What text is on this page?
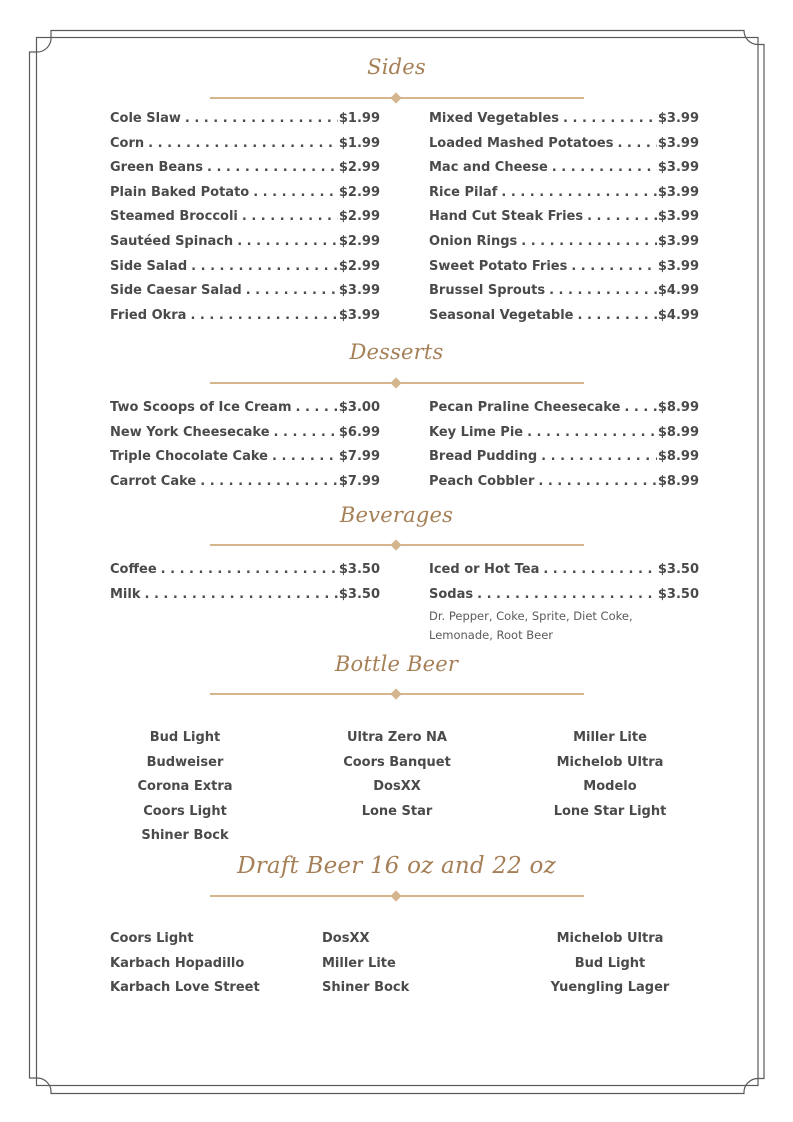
Sides
Cole Slaw . . .	$1.99
Corn . . .	$1.99
Green Beans . . .	$2.99
Plain Baked Potato . . .	$2.99
Steamed Broccoli . . .	$2.99
Sautéed Spinach . . .	$2.99
Side Salad . . .	$2.99
Side Caesar Salad . . .	$3.99
Fried Okra . . .	$3.99
Mixed Vegetables . . .	$3.99
Loaded Mashed Potatoes . . .	$3.99
Mac and Cheese . . .	$3.99
Rice Pilaf . . .	$3.99
Hand Cut Steak Fries . . .	$3.99
Onion Rings . . .	$3.99
Sweet Potato Fries . . .	$3.99
Brussel Sprouts . . .	$4.99
Seasonal Vegetable . . .	$4.99
Desserts
Two Scoops of Ice Cream . . .	$3.00
New York Cheesecake . . .	$6.99
Triple Chocolate Cake . . .	$7.99
Carrot Cake . . .	$7.99
Pecan Praline Cheesecake . . .	$8.99
Key Lime Pie . . .	$8.99
Bread Pudding . . .	$8.99
Peach Cobbler . . .	$8.99
Beverages
Coffee . . .	$3.50
Milk . . .	$3.50
Iced or Hot Tea . . .	$3.50
Sodas . . .	$3.50
Dr. Pepper, Coke, Sprite, Diet Coke,
Lemonade, Root Beer
Bottle Beer
Bud Light
Budweiser
Corona Extra
Coors Light
Shiner Bock
Ultra Zero NA
Coors Banquet
DosXX
Lone Star
Miller Lite
Michelob Ultra
Modelo
Lone Star Light
Draft Beer 16 oz and 22 oz
Coors Light
Karbach Hopadillo
Karbach Love Street
DosXX
Miller Lite
Shiner Bock
Michelob Ultra
Bud Light
Yuengling Lager
